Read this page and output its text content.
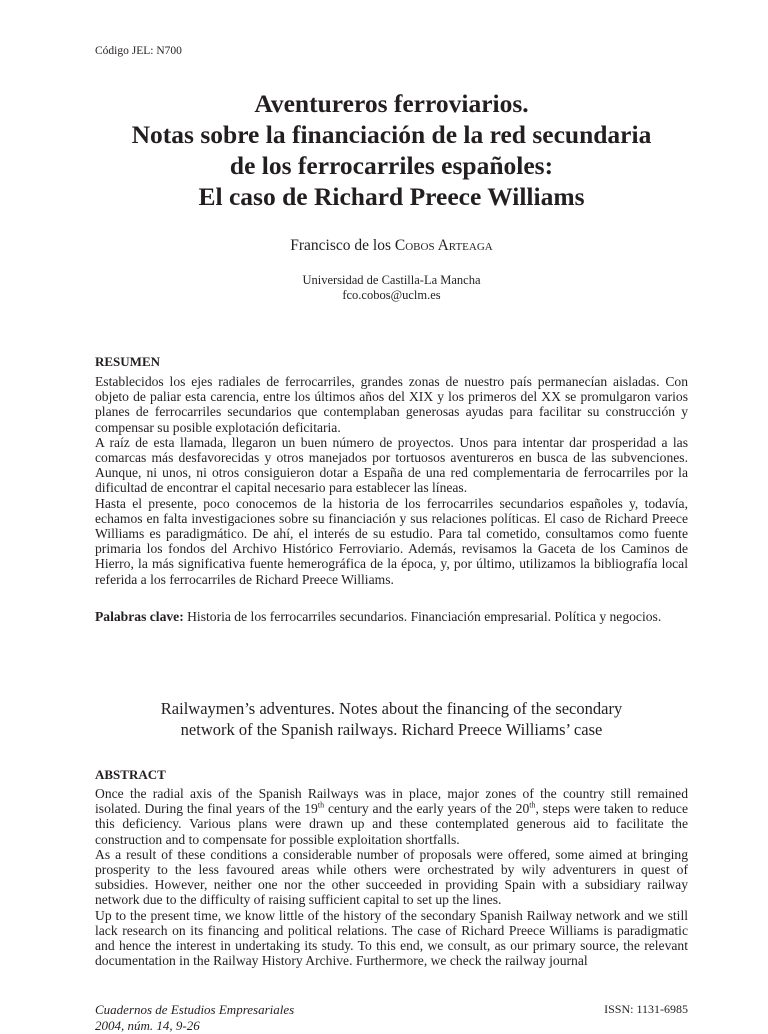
Código JEL: N700
Aventureros ferroviarios.
Notas sobre la financiación de la red secundaria
de los ferrocarriles españoles:
El caso de Richard Preece Williams
Francisco de los Cobos Arteaga
Universidad de Castilla-La Mancha
fco.cobos@uclm.es
RESUMEN

Establecidos los ejes radiales de ferrocarriles, grandes zonas de nuestro país permanecían aisladas. Con objeto de paliar esta carencia, entre los últimos años del XIX y los primeros del XX se promulgaron varios planes de ferrocarriles secundarios que contemplaban generosas ayudas para facilitar su construcción y compensar su posible explotación deficitaria.

A raíz de esta llamada, llegaron un buen número de proyectos. Unos para intentar dar prosperidad a las comarcas más desfavorecidas y otros manejados por tortuosos aventureros en busca de las subvenciones. Aunque, ni unos, ni otros consiguieron dotar a España de una red complementaria de ferrocarriles por la dificultad de encontrar el capital necesario para establecer las líneas.

Hasta el presente, poco conocemos de la historia de los ferrocarriles secundarios españoles y, todavía, echamos en falta investigaciones sobre su financiación y sus relaciones políticas. El caso de Richard Preece Williams es paradigmático. De ahí, el interés de su estudio. Para tal cometido, consultamos como fuente primaria los fondos del Archivo Histórico Ferroviario. Además, revisamos la Gaceta de los Caminos de Hierro, la más significativa fuente hemerográfica de la época, y, por último, utilizamos la bibliografía local referida a los ferrocarriles de Richard Preece Williams.

Palabras clave: Historia de los ferrocarriles secundarios. Financiación empresarial. Política y negocios.
Railwaymen’s adventures. Notes about the financing of the secondary
network of the Spanish railways. Richard Preece Williams’ case
ABSTRACT

Once the radial axis of the Spanish Railways was in place, major zones of the country still remained isolated. During the final years of the 19th century and the early years of the 20th, steps were taken to reduce this deficiency. Various plans were drawn up and these contemplated generous aid to facilitate the construction and to compensate for possible exploitation shortfalls.

As a result of these conditions a considerable number of proposals were offered, some aimed at bringing prosperity to the less favoured areas while others were orchestrated by wily adventurers in quest of subsidies. However, neither one nor the other succeeded in providing Spain with a subsidiary railway network due to the difficulty of raising sufficient capital to set up the lines.

Up to the present time, we know little of the history of the secondary Spanish Railway network and we still lack research on its financing and political relations. The case of Richard Preece Williams is paradigmatic and hence the interest in undertaking its study. To this end, we consult, as our primary source, the relevant documentation in the Railway History Archive. Furthermore, we check the railway journal

Cuadernos de Estudios Empresariales
2004, núm. 14, 9-26
ISSN: 1131-6985
